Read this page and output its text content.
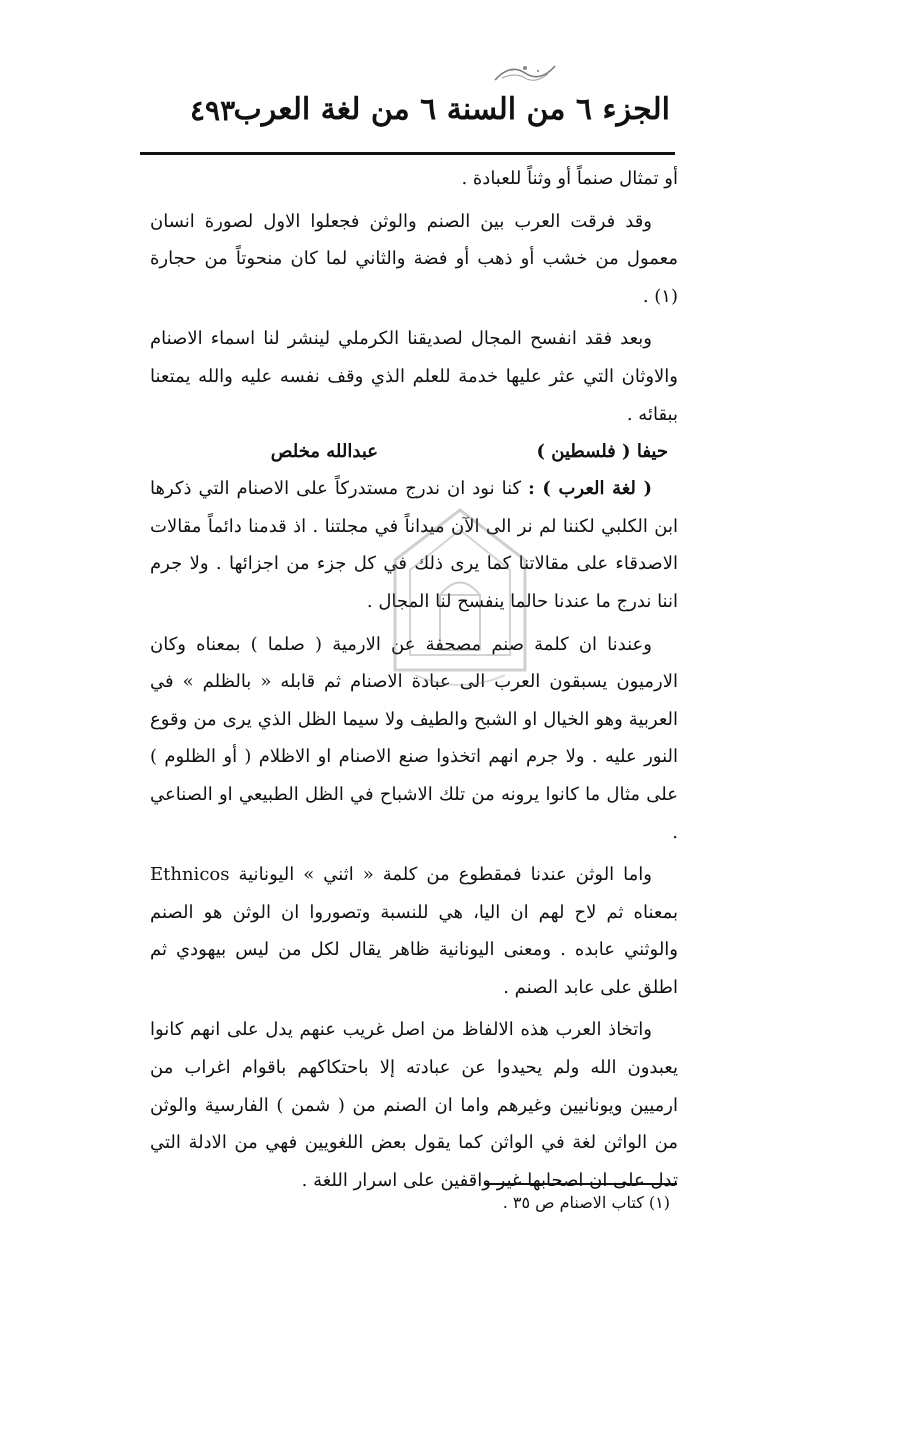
الجزء ٦ من السنة ٦ من لغة العرب
٤٩٣

أو تمثال صنماً أو وثناً للعبادة .

وقد فرقت العرب بين الصنم والوثن فجعلوا الاول لصورة انسان معمول من خشب أو ذهب أو فضة والثاني لما كان منحوتاً من حجارة (١) .

وبعد فقد انفسح المجال لصديقنا الكرملي لينشر لنا اسماء الاصنام والاوثان التي عثر عليها خدمة للعلم الذي وقف نفسه عليه والله يمتعنا ببقائه .

حيفا ( فلسطين )
عبدالله مخلص

( لغة العرب ) : كنا نود ان ندرج مستدركاً على الاصنام التي ذكرها ابن الكلبي لكننا لم نر الى الآن ميداناً في مجلتنا . اذ قدمنا دائماً مقالات الاصدقاء على مقالاتنا كما يرى ذلك في كل جزء من اجزائها . ولا جرم اننا ندرج ما عندنا حالما ينفسح لنا المجال .

وعندنا ان كلمة صنم مصحفة عن الارمية ( صلما ) بمعناه وكان الارميون يسبقون العرب الى عبادة الاصنام ثم قابله « بالظلم » في العربية وهو الخيال او الشبح والطيف ولا سيما الظل الذي يرى من وقوع النور عليه . ولا جرم انهم اتخذوا صنع الاصنام او الاظلام ( أو الظلوم ) على مثال ما كانوا يرونه من تلك الاشباح في الظل الطبيعي او الصناعي .

واما الوثن عندنا فمقطوع من كلمة « اثني » اليونانية Ethnicos بمعناه ثم لاح لهم ان اليا، هي للنسبة وتصوروا ان الوثن هو الصنم والوثني عابده . ومعنى اليونانية ظاهر يقال لكل من ليس بيهودي ثم اطلق على عابد الصنم .

واتخاذ العرب هذه الالفاظ من اصل غريب عنهم يدل على انهم كانوا يعبدون الله ولم يحيدوا عن عبادته إلا باحتكاكهم باقوام اغراب من ارميين ويونانيين وغيرهم واما ان الصنم من ( شمن ) الفارسية والوثن من الواثن لغة في الواثن كما يقول بعض اللغويين فهي من الادلة التي تدل على ان اصحابها غير واقفين على اسرار اللغة .

(١) كتاب الاصنام ص ٣٥ .
